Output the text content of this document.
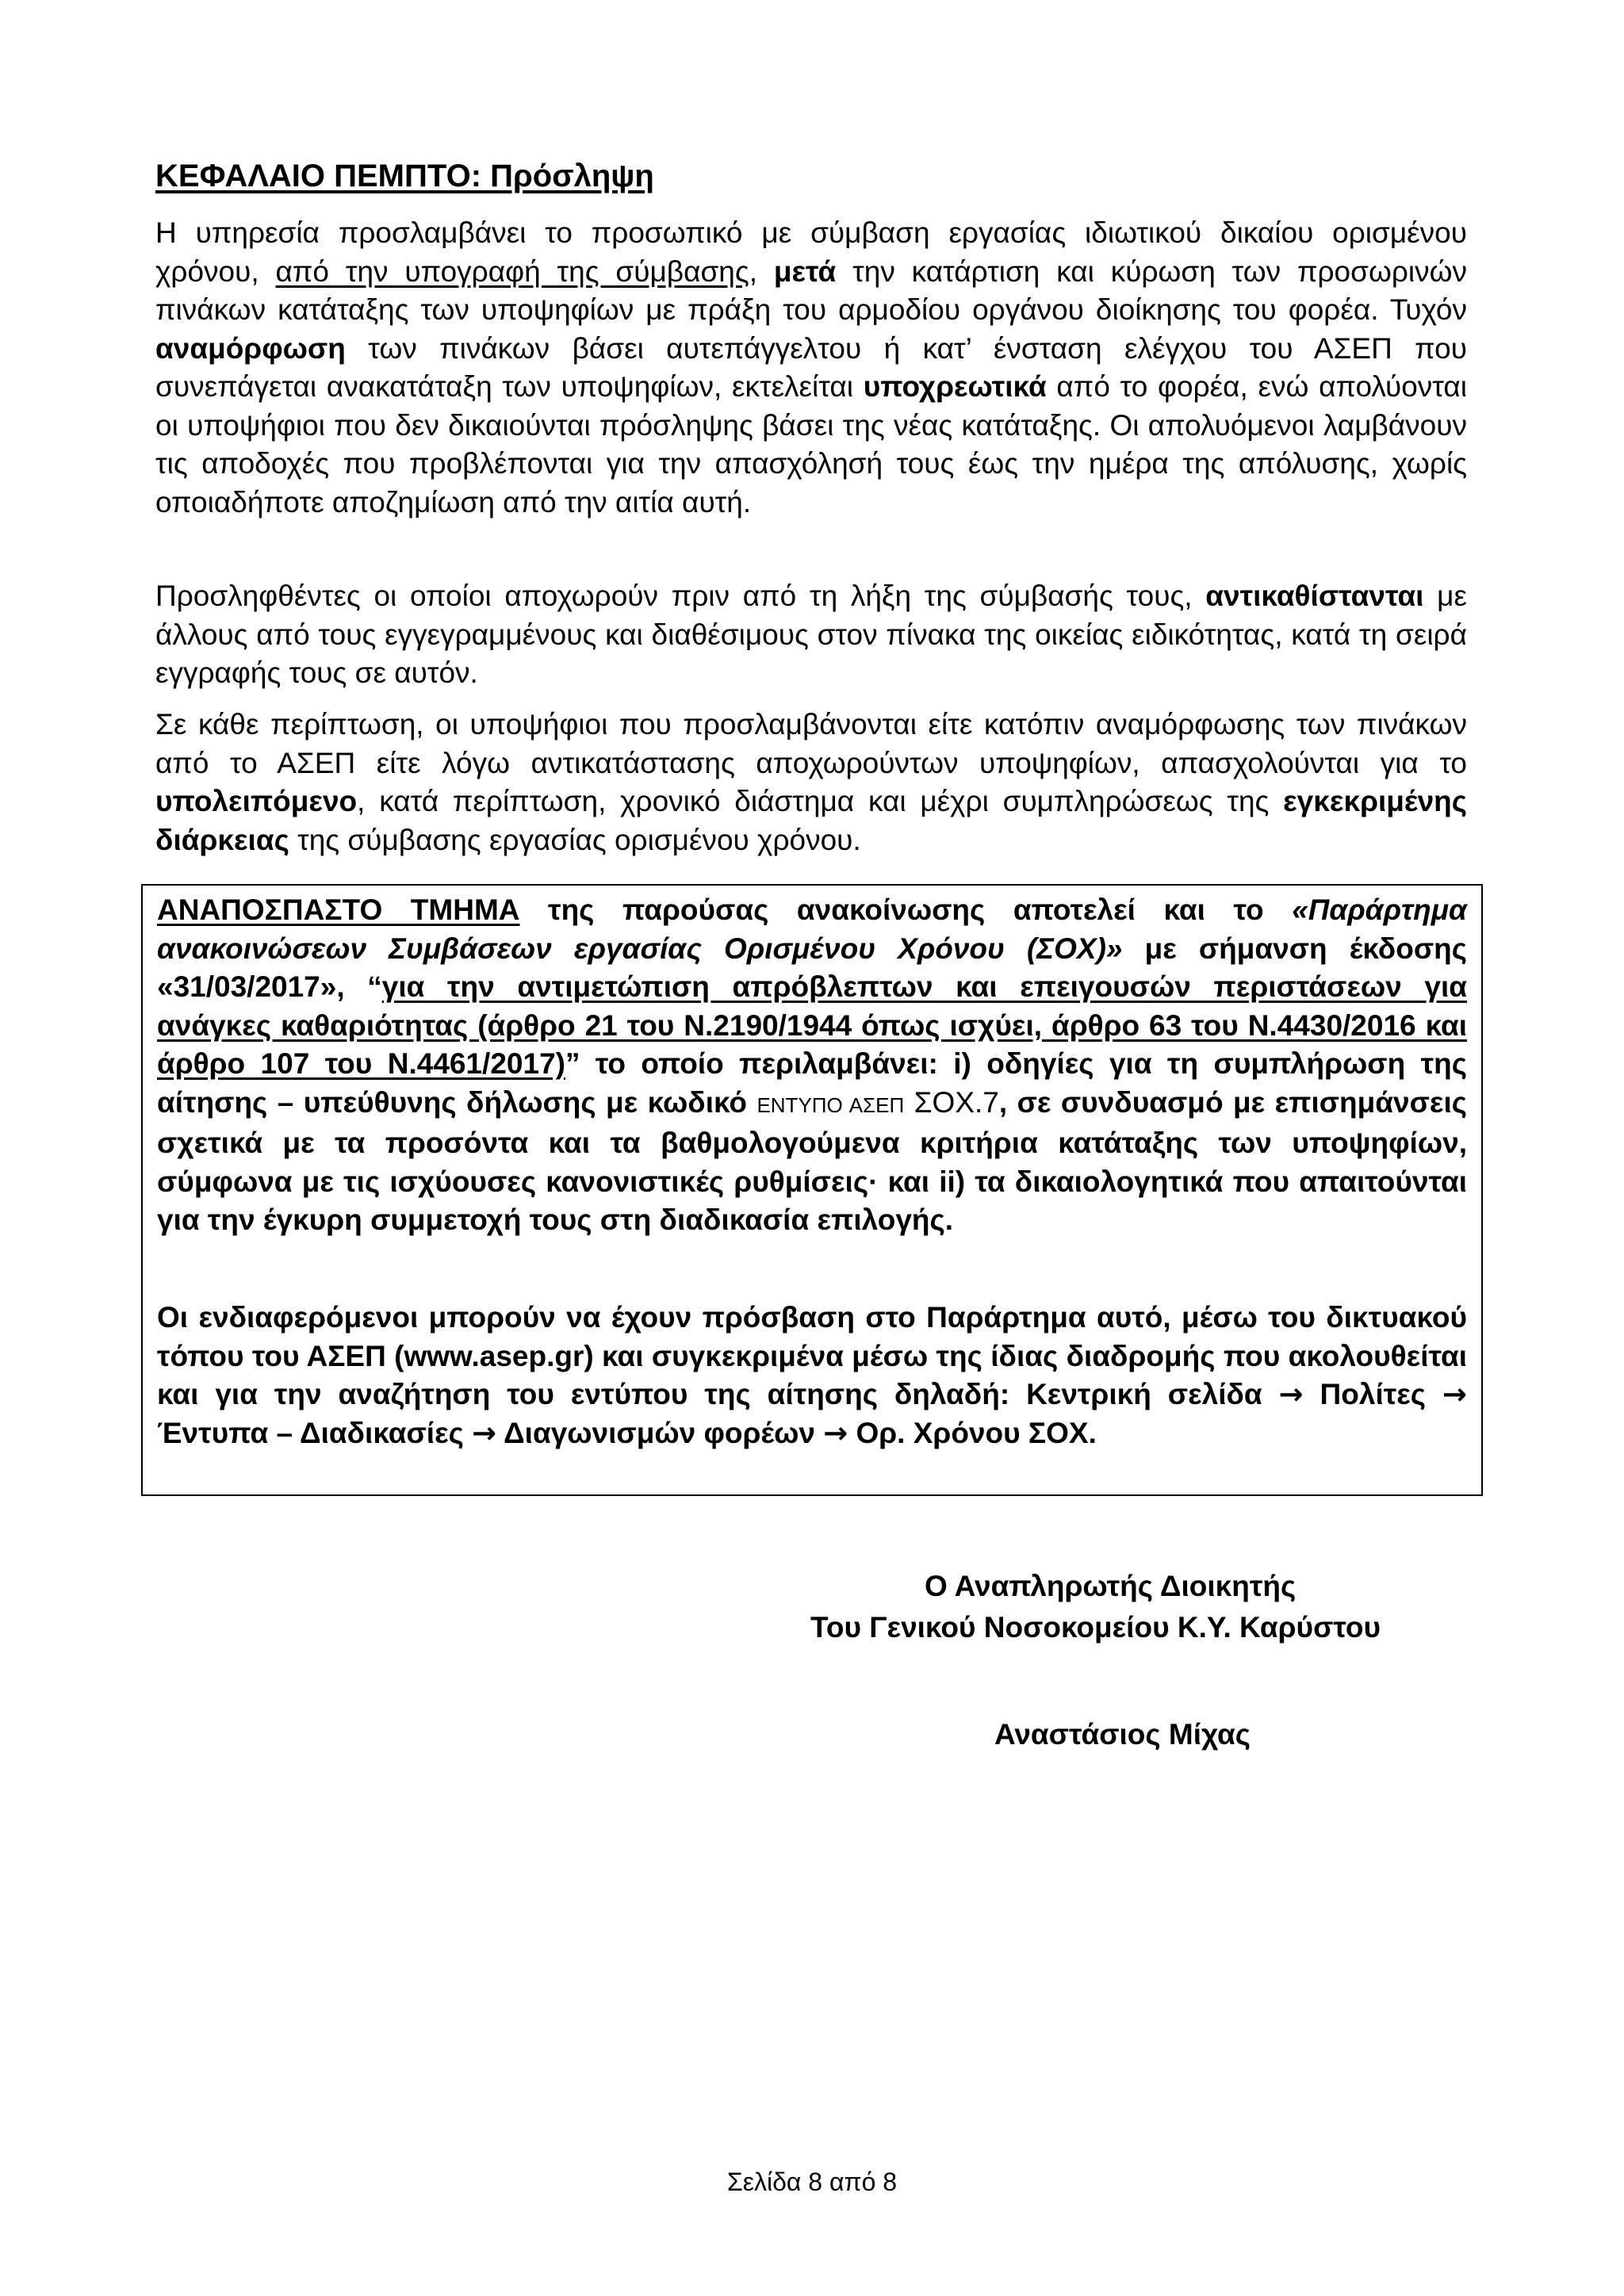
ΚΕΦΑΛΑΙΟ ΠΕΜΠΤΟ: Πρόσληψη

Η υπηρεσία προσλαμβάνει το προσωπικό με σύμβαση εργασίας ιδιωτικού δικαίου ορισμένου χρόνου, από την υπογραφή της σύμβασης, μετά την κατάρτιση και κύρωση των προσωρινών πινάκων κατάταξης των υποψηφίων με πράξη του αρμοδίου οργάνου διοίκησης του φορέα. Τυχόν αναμόρφωση των πινάκων βάσει αυτεπάγγελτου ή κατ’ ένσταση ελέγχου του ΑΣΕΠ που συνεπάγεται ανακατάταξη των υποψηφίων, εκτελείται υποχρεωτικά από το φορέα, ενώ απολύονται οι υποψήφιοι που δεν δικαιούνται πρόσληψης βάσει της νέας κατάταξης. Οι απολυόμενοι λαμβάνουν τις αποδοχές που προβλέπονται για την απασχόλησή τους έως την ημέρα της απόλυσης, χωρίς οποιαδήποτε αποζημίωση από την αιτία αυτή.

Προσληφθέντες οι οποίοι αποχωρούν πριν από τη λήξη της σύμβασής τους, αντικαθίστανται με άλλους από τους εγγεγραμμένους και διαθέσιμους στον πίνακα της οικείας ειδικότητας, κατά τη σειρά εγγραφής τους σε αυτόν.

Σε κάθε περίπτωση, οι υποψήφιοι που προσλαμβάνονται είτε κατόπιν αναμόρφωσης των πινάκων από το ΑΣΕΠ είτε λόγω αντικατάστασης αποχωρούντων υποψηφίων, απασχολούνται για το υπολειπόμενο, κατά περίπτωση, χρονικό διάστημα και μέχρι συμπληρώσεως της εγκεκριμένης διάρκειας της σύμβασης εργασίας ορισμένου χρόνου.

ΑΝΑΠΟΣΠΑΣΤΟ ΤΜΗΜΑ της παρούσας ανακοίνωσης αποτελεί και το «Παράρτημα ανακοινώσεων Συμβάσεων εργασίας Ορισμένου Χρόνου (ΣΟΧ)» με σήμανση έκδοσης «31/03/2017», “για την αντιμετώπιση απρόβλεπτων και επειγουσών περιστάσεων για ανάγκες καθαριότητας (άρθρο 21 του Ν.2190/1944 όπως ισχύει, άρθρο 63 του Ν.4430/2016 και άρθρο 107 του Ν.4461/2017)” το οποίο περιλαμβάνει: i) οδηγίες για τη συμπλήρωση της αίτησης – υπεύθυνης δήλωσης με κωδικό ΕΝΤΥΠΟ ΑΣΕΠ ΣΟΧ.7, σε συνδυασμό με επισημάνσεις σχετικά με τα προσόντα και τα βαθμολογούμενα κριτήρια κατάταξης των υποψηφίων, σύμφωνα με τις ισχύουσες κανονιστικές ρυθμίσεις· και ii) τα δικαιολογητικά που απαιτούνται για την έγκυρη συμμετοχή τους στη διαδικασία επιλογής.

Οι ενδιαφερόμενοι μπορούν να έχουν πρόσβαση στο Παράρτημα αυτό, μέσω του δικτυακού τόπου του ΑΣΕΠ (www.asep.gr) και συγκεκριμένα μέσω της ίδιας διαδρομής που ακολουθείται και για την αναζήτηση του εντύπου της αίτησης δηλαδή: Κεντρική σελίδα → Πολίτες → Έντυπα – Διαδικασίες → Διαγωνισμών φορέων → Ορ. Χρόνου ΣΟΧ.

Ο Αναπληρωτής Διοικητής

Του Γενικού Νοσοκομείου Κ.Υ. Καρύστου

Αναστάσιος Μίχας

Σελίδα 8 από 8
